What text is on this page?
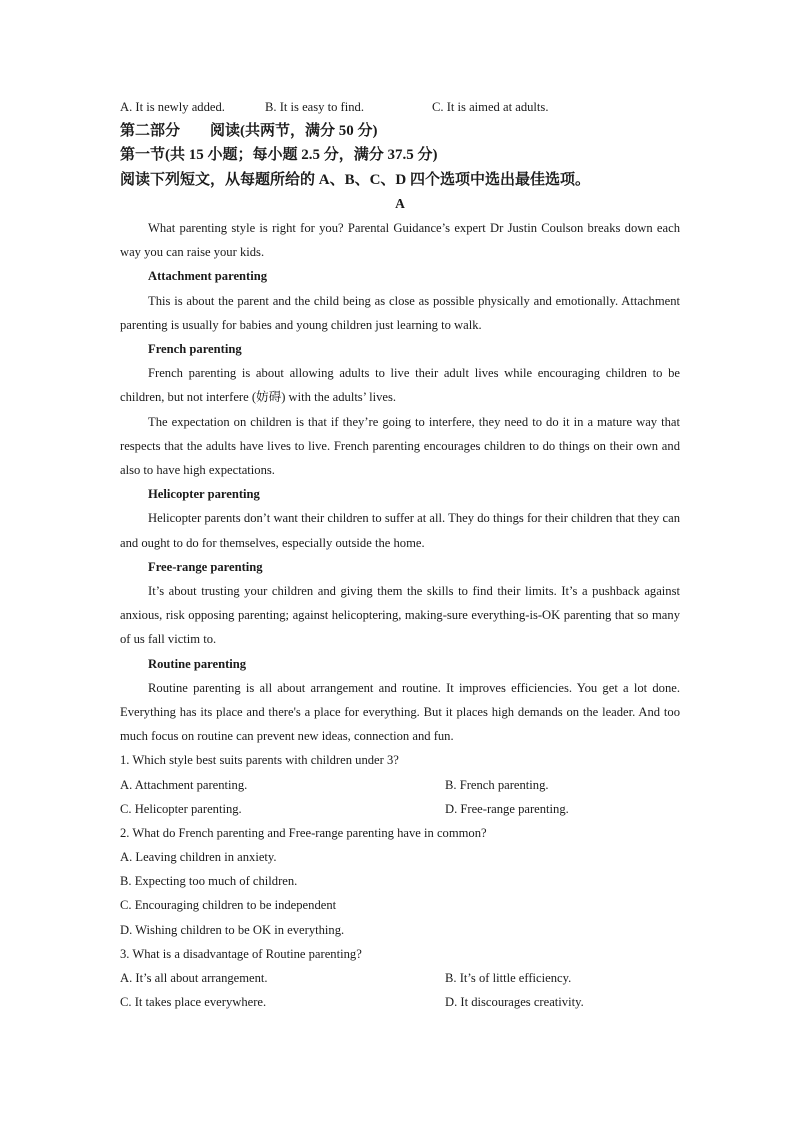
A. It is newly added.	B. It is easy to find.	C. It is aimed at adults.
第二部分　　阅读(共两节，满分 50 分)
第一节(共 15 小题；每小题 2.5 分，满分 37.5 分)
阅读下列短文，从每题所给的 A、B、C、D 四个选项中选出最佳选项。
A

What parenting style is right for you? Parental Guidance’s expert Dr Justin Coulson breaks down each way you can raise your kids.

Attachment parenting

This is about the parent and the child being as close as possible physically and emotionally. Attachment parenting is usually for babies and young children just learning to walk.

French parenting

French parenting is about allowing adults to live their adult lives while encouraging children to be children, but not interfere (妨碍) with the adults’ lives.

The expectation on children is that if they’re going to interfere, they need to do it in a mature way that respects that the adults have lives to live. French parenting encourages children to do things on their own and also to have high expectations.

Helicopter parenting

Helicopter parents don’t want their children to suffer at all. They do things for their children that they can and ought to do for themselves, especially outside the home.

Free-range parenting

It’s about trusting your children and giving them the skills to find their limits. It’s a pushback against anxious, risk opposing parenting; against helicoptering, making-sure everything-is-OK parenting that so many of us fall victim to.

Routine parenting

Routine parenting is all about arrangement and routine. It improves efficiencies. You get a lot done. Everything has its place and there's a place for everything. But it places high demands on the leader. And too much focus on routine can prevent new ideas, connection and fun.

1. Which style best suits parents with children under 3?
A. Attachment parenting.	B. French parenting.
C. Helicopter parenting.	D. Free-range parenting.
2. What do French parenting and Free-range parenting have in common?
A. Leaving children in anxiety.
B. Expecting too much of children.
C. Encouraging children to be independent
D. Wishing children to be OK in everything.
3. What is a disadvantage of Routine parenting?
A. It’s all about arrangement.	B. It’s of little efficiency.
C. It takes place everywhere.	D. It discourages creativity.
